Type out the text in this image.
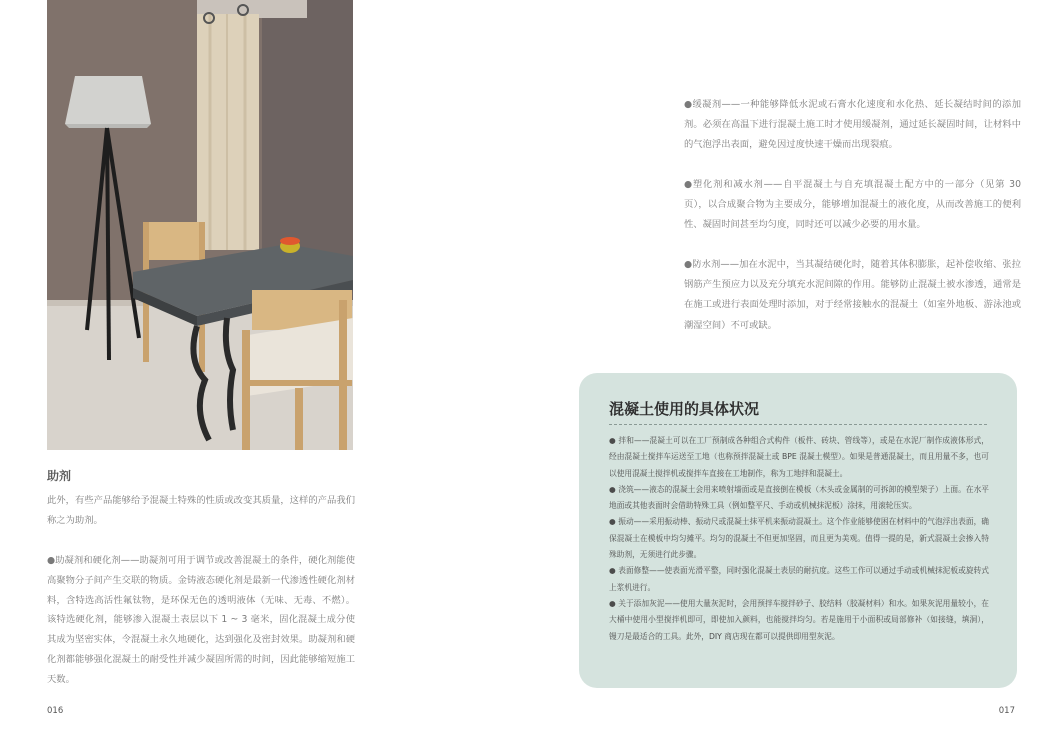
助剂

此外，有些产品能够给予混凝土特殊的性质或改变其质量，这样的产品我们称之为助剂。

●助凝剂和硬化剂——助凝剂可用于调节或改善混凝土的条件，硬化剂能使高聚物分子间产生交联的物质。金铸液态硬化剂是最新一代渗透性硬化剂材料，含特选高活性氟钛物，是环保无色的透明液体（无味、无毒、不燃）。该特选硬化剂，能够渗入混凝土表层以下 1 ~ 3 毫米，固化混凝土成分使其成为坚密实体，令混凝土永久地硬化，达到强化及密封效果。助凝剂和硬化剂都能够强化混凝土的耐受性并减少凝固所需的时间，因此能够缩短施工天数。

016

●缓凝剂——一种能够降低水泥或石膏水化速度和水化热、延长凝结时间的添加剂。必须在高温下进行混凝土施工时才使用缓凝剂，通过延长凝固时间，让材料中的气泡浮出表面，避免因过度快速干燥而出现裂痕。

●塑化剂和减水剂——自平混凝土与自充填混凝土配方中的一部分（见第 30 页），以合成聚合物为主要成分，能够增加混凝土的液化度，从而改善施工的便利性、凝固时间甚至均匀度，同时还可以减少必要的用水量。

●防水剂——加在水泥中，当其凝结硬化时，随着其体积膨胀，起补偿收缩、张拉钢筋产生预应力以及充分填充水泥间隙的作用。能够防止混凝土被水渗透，通常是在施工或进行表面处理时添加，对于经常接触水的混凝土（如室外地板、游泳池或潮湿空间）不可或缺。

混凝土使用的具体状况
● 拌和——混凝土可以在工厂预制成各种组合式构件（板件、砖块、管线等），或是在水泥厂制作成液体形式，经由混凝土搅拌车运送至工地（也称预拌混凝土或 BPE 混凝土模型）。如果是普通混凝土，而且用量不多，也可以使用混凝土搅拌机或搅拌车直接在工地制作，称为工地拌和混凝土。
● 浇筑——液态的混凝土会用来喷射墙面或是直接倒在模板（木头或金属制的可拆卸的模型架子）上面。在水平地面或其他表面时会借助特殊工具（例如整平尺、手动或机械抹泥板）涂抹，用滚轮压实。
● 振动——采用振动棒、振动尺或混凝土抹平机来振动混凝土。这个作业能够使困在材料中的气泡浮出表面，确保混凝土在模板中均匀摊平。均匀的混凝土不但更加坚固，而且更为美观。值得一提的是，新式混凝土会掺入特殊助剂，无须进行此步骤。
● 表面修整——使表面光滑平整，同时强化混凝土表层的耐抗度。这些工作可以通过手动或机械抹泥板或旋转式上浆机进行。
● 关于添加灰泥——使用大量灰泥时，会用预拌车搅拌砂子、胶结料（胶凝材料）和水。如果灰泥用量较小，在大桶中使用小型搅拌机即可，即使加入颜料，也能搅拌均匀。若是施用于小面积或局部修补（如接缝，填洞），镘刀是最适合的工具。此外，DIY 商店现在都可以提供即用型灰泥。
017
